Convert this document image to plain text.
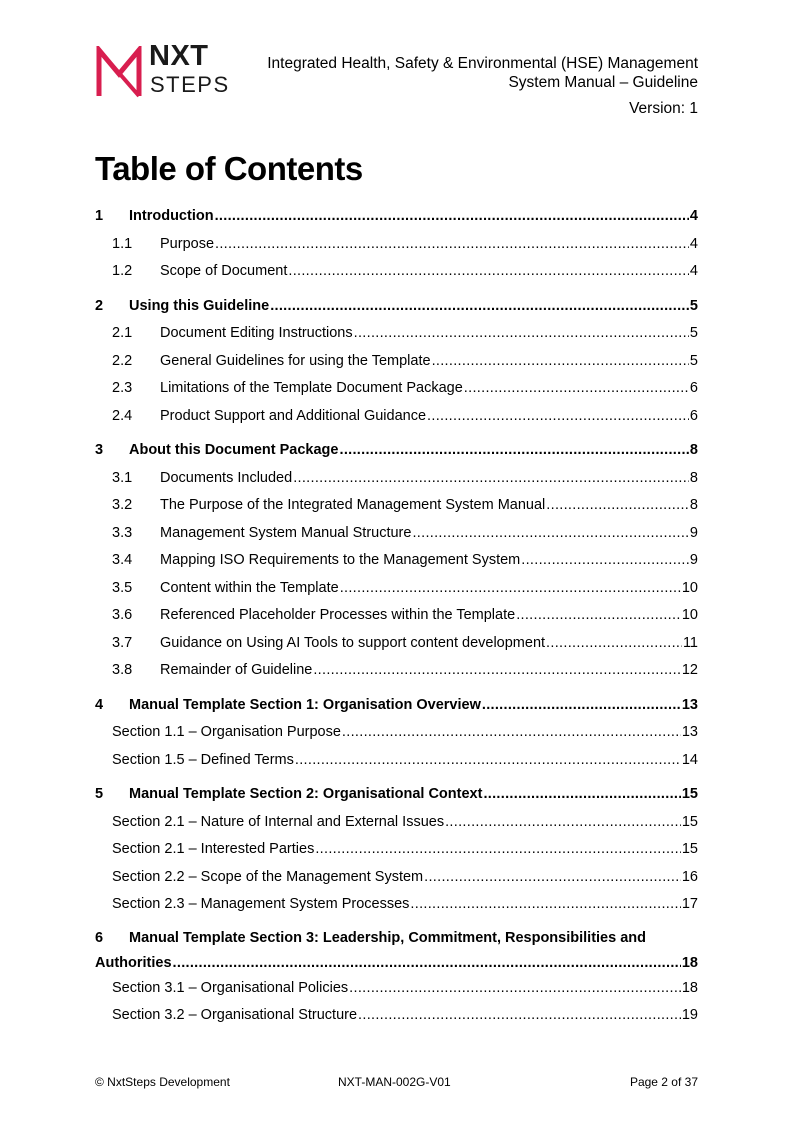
NXT
STEPS
Integrated Health, Safety & Environmental (HSE) Management
System Manual – Guideline
Version: 1
Table of Contents
1	Introduction .....	4
1.1	Purpose .....	4
1.2	Scope of Document .....	4
2	Using this Guideline .....	5
2.1	Document Editing Instructions .....	5
2.2	General Guidelines for using the Template .....	5
2.3	Limitations of the Template Document Package .....	6
2.4	Product Support and Additional Guidance .....	6
3	About this Document Package .....	8
3.1	Documents Included .....	8
3.2	The Purpose of the Integrated Management System Manual .....	8
3.3	Management System Manual Structure .....	9
3.4	Mapping ISO Requirements to the Management System .....	9
3.5	Content within the Template .....	10
3.6	Referenced Placeholder Processes within the Template .....	10
3.7	Guidance on Using AI Tools to support content development .....	11
3.8	Remainder of Guideline .....	12
4	Manual Template Section 1: Organisation Overview .....	13
Section 1.1 – Organisation Purpose .....	13
Section 1.5 – Defined Terms .....	14
5	Manual Template Section 2: Organisational Context .....	15
Section 2.1 – Nature of Internal and External Issues .....	15
Section 2.1 – Interested Parties .....	15
Section 2.2 – Scope of the Management System .....	16
Section 2.3 – Management System Processes .....	17
6	Manual Template Section 3: Leadership, Commitment, Responsibilities and
Authorities .....	18
Section 3.1 – Organisational Policies .....	18
Section 3.2 – Organisational Structure .....	19
© NxtSteps Development	NXT-MAN-002G-V01	Page 2 of 37
